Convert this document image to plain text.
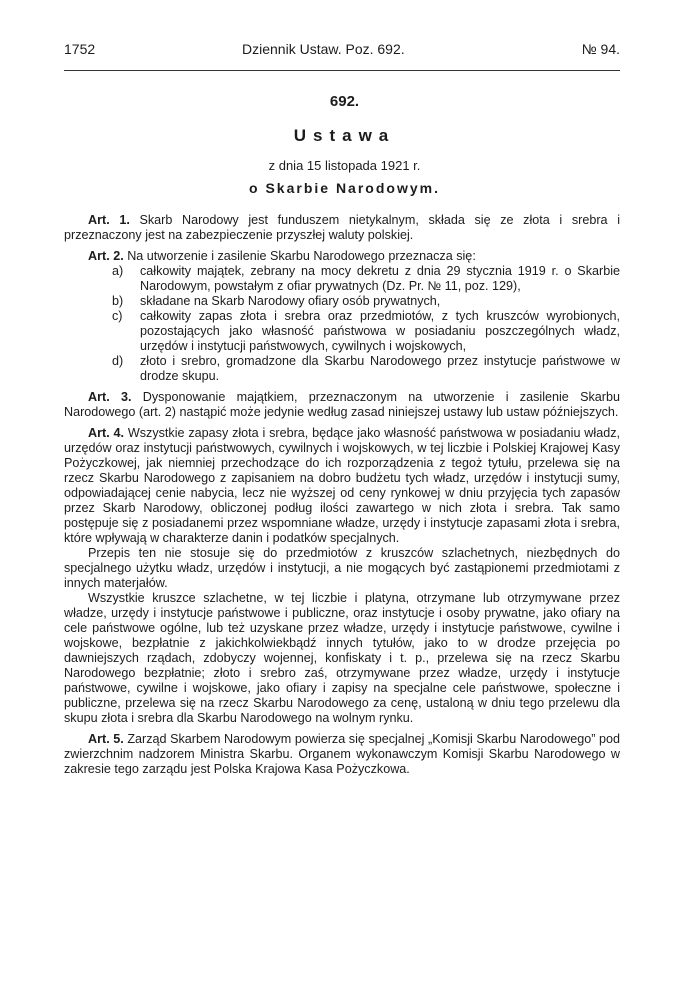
1752	Dziennik Ustaw. Poz. 692.	№ 94.
692.
Ustawa
z dnia 15 listopada 1921 r.
o Skarbie Narodowym.

Art. 1. Skarb Narodowy jest funduszem nietykalnym, składa się ze złota i srebra i przeznaczony jest na zabezpieczenie przyszłej waluty polskiej.

Art. 2. Na utworzenie i zasilenie Skarbu Narodowego przeznacza się:

a) całkowity majątek, zebrany na mocy dekretu z dnia 29 stycznia 1919 r. o Skarbie Narodowym, powstałym z ofiar prywatnych (Dz. Pr. № 11, poz. 129),
b) składane na Skarb Narodowy ofiary osób prywatnych,
c) całkowity zapas złota i srebra oraz przedmiotów, z tych kruszców wyrobionych, pozostających jako własność państwowa w posiadaniu poszczególnych władz, urzędów i instytucji państwowych, cywilnych i wojskowych,
d) złoto i srebro, gromadzone dla Skarbu Narodowego przez instytucje państwowe w drodze skupu.

Art. 3. Dysponowanie majątkiem, przeznaczonym na utworzenie i zasilenie Skarbu Narodowego (art. 2) nastąpić może jedynie według zasad niniejszej ustawy lub ustaw późniejszych.

Art. 4. Wszystkie zapasy złota i srebra, będące jako własność państwowa w posiadaniu władz, urzędów oraz instytucji państwowych, cywilnych i wojskowych, w tej liczbie i Polskiej Krajowej Kasy Pożyczkowej, jak niemniej przechodzące do ich rozporządzenia z tegoż tytułu, przelewa się na rzecz Skarbu Narodowego z zapisaniem na dobro budżetu tych władz, urzędów i instytucji sumy, odpowiadającej cenie nabycia, lecz nie wyższej od ceny rynkowej w dniu przyjęcia tych zapasów przez Skarb Narodowy, obliczonej podług ilości zawartego w nich złota i srebra. Tak samo postępuje się z posiadanemi przez wspomniane władze, urzędy i instytucje zapasami złota i srebra, które wpływają w charakterze danin i podatków specjalnych.

Przepis ten nie stosuje się do przedmiotów z kruszców szlachetnych, niezbędnych do specjalnego użytku władz, urzędów i instytucji, a nie mogących być zastąpionemi przedmiotami z innych materjałów.

Wszystkie kruszce szlachetne, w tej liczbie i platyna, otrzymane lub otrzymywane przez władze, urzędy i instytucje państwowe i publiczne, oraz instytucje i osoby prywatne, jako ofiary na cele państwowe ogólne, lub też uzyskane przez władze, urzędy i instytucje państwowe, cywilne i wojskowe, bezpłatnie z jakichkolwiekbądź innych tytułów, jako to w drodze przejęcia po dawniejszych rządach, zdobyczy wojennej, konfiskaty i t. p., przelewa się na rzecz Skarbu Narodowego bezpłatnie; złoto i srebro zaś, otrzymywane przez władze, urzędy i instytucje państwowe, cywilne i wojskowe, jako ofiary i zapisy na specjalne cele państwowe, społeczne i publiczne, przelewa się na rzecz Skarbu Narodowego za cenę, ustaloną w dniu tego przelewu dla skupu złota i srebra dla Skarbu Narodowego na wolnym rynku.

Art. 5. Zarząd Skarbem Narodowym powierza się specjalnej „Komisji Skarbu Narodowego” pod zwierzchnim nadzorem Ministra Skarbu. Organem wykonawczym Komisji Skarbu Narodowego w zakresie tego zarządu jest Polska Krajowa Kasa Pożyczkowa.
